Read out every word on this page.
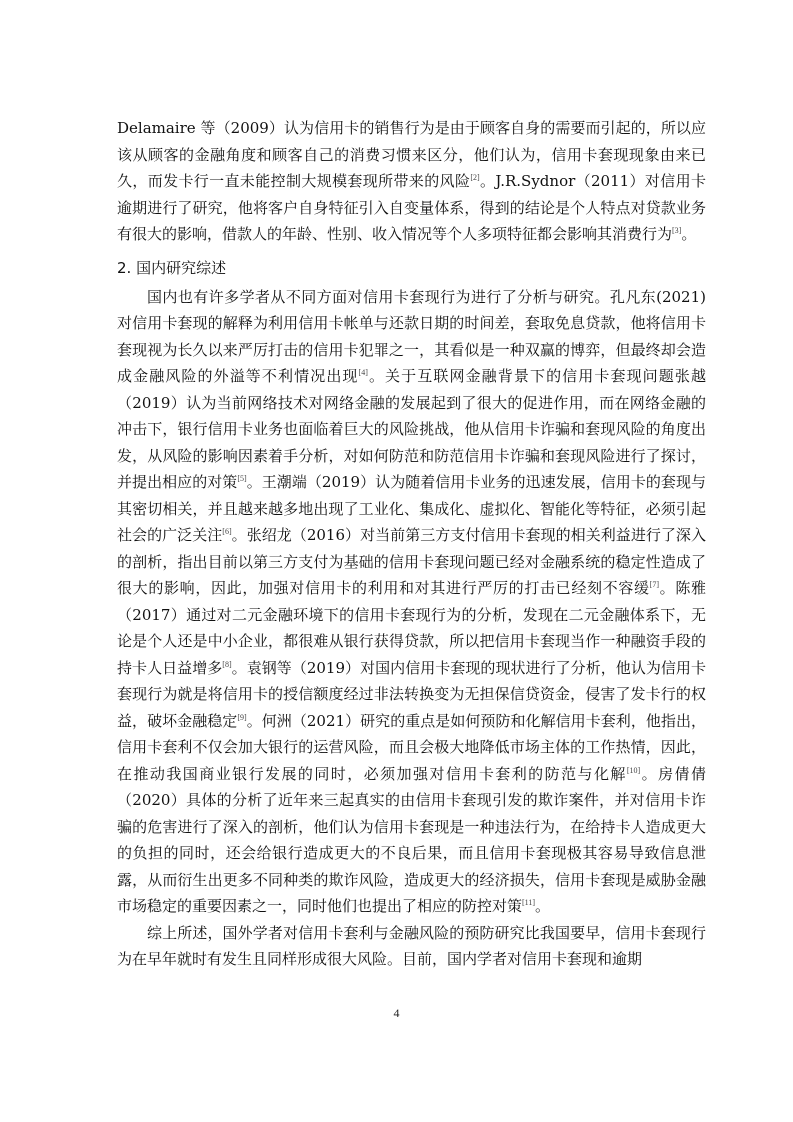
Delamaire 等（2009）认为信用卡的销售行为是由于顾客自身的需要而引起的，所以应该从顾客的金融角度和顾客自己的消费习惯来区分，他们认为，信用卡套现现象由来已久，而发卡行一直未能控制大规模套现所带来的风险[2]。J.R.Sydnor（2011）对信用卡逾期进行了研究，他将客户自身特征引入自变量体系，得到的结论是个人特点对贷款业务有很大的影响，借款人的年龄、性别、收入情况等个人多项特征都会影响其消费行为[3]。

2. 国内研究综述

国内也有许多学者从不同方面对信用卡套现行为进行了分析与研究。孔凡东(2021)对信用卡套现的解释为利用信用卡帐单与还款日期的时间差，套取免息贷款，他将信用卡套现视为长久以来严厉打击的信用卡犯罪之一，其看似是一种双赢的博弈，但最终却会造成金融风险的外溢等不利情况出现[4]。关于互联网金融背景下的信用卡套现问题张越（2019）认为当前网络技术对网络金融的发展起到了很大的促进作用，而在网络金融的冲击下，银行信用卡业务也面临着巨大的风险挑战，他从信用卡诈骗和套现风险的角度出发，从风险的影响因素着手分析，对如何防范和防范信用卡诈骗和套现风险进行了探讨，并提出相应的对策[5]。王潮端（2019）认为随着信用卡业务的迅速发展，信用卡的套现与其密切相关，并且越来越多地出现了工业化、集成化、虚拟化、智能化等特征，必须引起社会的广泛关注[6]。张绍龙（2016）对当前第三方支付信用卡套现的相关利益进行了深入的剖析，指出目前以第三方支付为基础的信用卡套现问题已经对金融系统的稳定性造成了很大的影响，因此，加强对信用卡的利用和对其进行严厉的打击已经刻不容缓[7]。陈雅（2017）通过对二元金融环境下的信用卡套现行为的分析，发现在二元金融体系下，无论是个人还是中小企业，都很难从银行获得贷款，所以把信用卡套现当作一种融资手段的持卡人日益增多[8]。袁钢等（2019）对国内信用卡套现的现状进行了分析，他认为信用卡套现行为就是将信用卡的授信额度经过非法转换变为无担保信贷资金，侵害了发卡行的权益，破坏金融稳定[9]。何洲（2021）研究的重点是如何预防和化解信用卡套利，他指出，信用卡套利不仅会加大银行的运营风险，而且会极大地降低市场主体的工作热情，因此，在推动我国商业银行发展的同时，必须加强对信用卡套利的防范与化解[10]。房倩倩（2020）具体的分析了近年来三起真实的由信用卡套现引发的欺诈案件，并对信用卡诈骗的危害进行了深入的剖析，他们认为信用卡套现是一种违法行为，在给持卡人造成更大的负担的同时，还会给银行造成更大的不良后果，而且信用卡套现极其容易导致信息泄露，从而衍生出更多不同种类的欺诈风险，造成更大的经济损失，信用卡套现是威胁金融市场稳定的重要因素之一，同时他们也提出了相应的防控对策[11]。

综上所述，国外学者对信用卡套利与金融风险的预防研究比我国要早，信用卡套现行为在早年就时有发生且同样形成很大风险。目前，国内学者对信用卡套现和逾期

4
